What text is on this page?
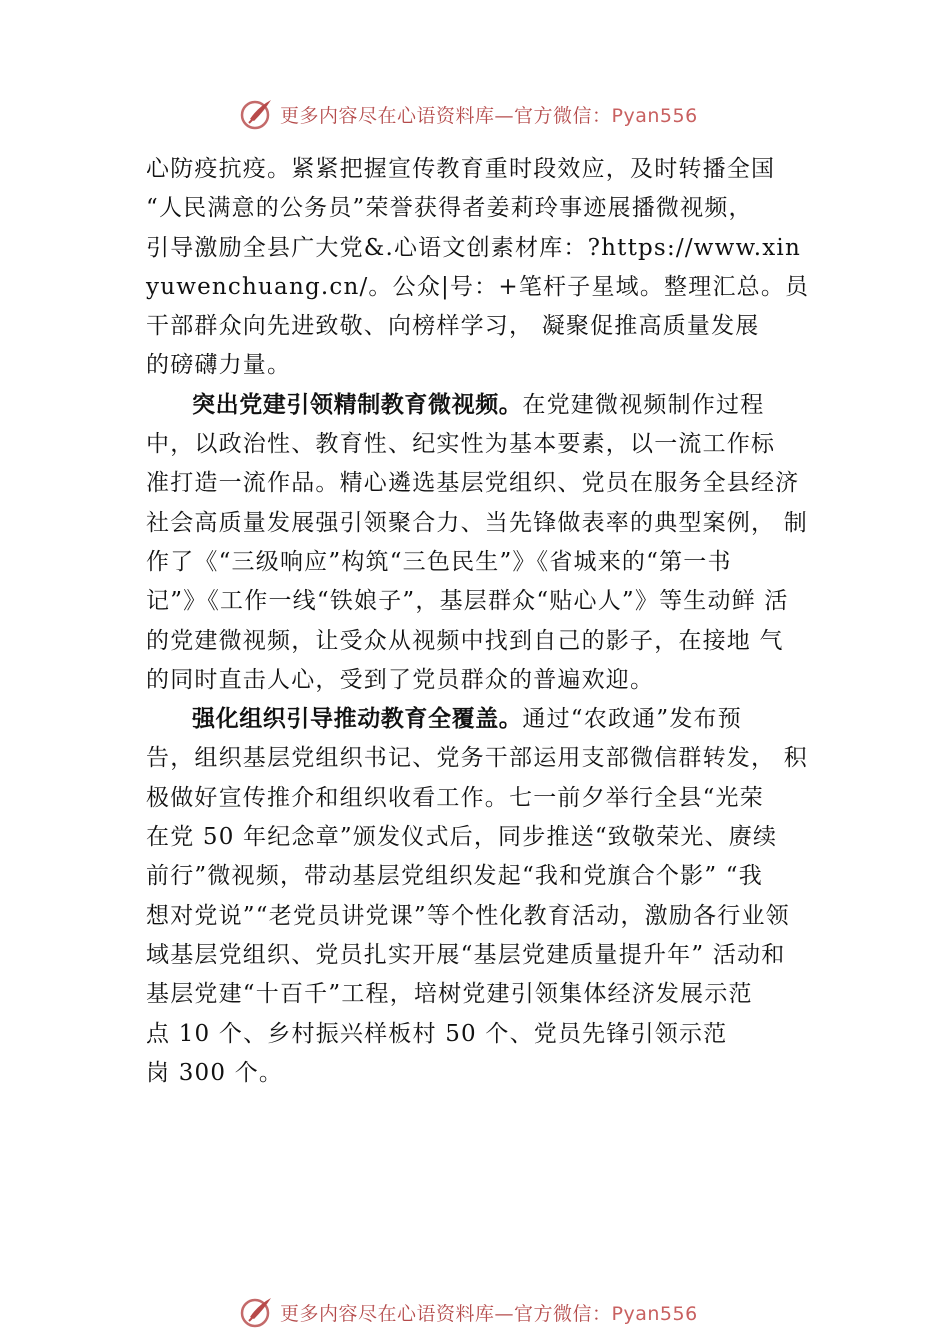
更多内容尽在心语资料库—官方微信：Pyan556
心防疫抗疫。紧紧把握宣传教育重时段效应，及时转播全国
“人民满意的公务员”荣誉获得者姜莉玲事迹展播微视频，
引导激励全县广大党&.心语文创素材库：?https://www.xin
yuwenchuang.cn/。公众|号：+笔杆子星域。整理汇总。员
干部群众向先进致敬、向榜样学习， 凝聚促推高质量发展
的磅礴力量。
突出党建引领精制教育微视频。在党建微视频制作过程
中，以政治性、教育性、纪实性为基本要素，以一流工作标
准打造一流作品。精心遴选基层党组织、党员在服务全县经济
社会高质量发展强引领聚合力、当先锋做表率的典型案例， 制
作了《“三级响应”构筑“三色民生”》《省城来的“第一书
记”》《工作一线“铁娘子”，基层群众“贴心人”》等生动鲜 活
的党建微视频，让受众从视频中找到自己的影子，在接地 气
的同时直击人心，受到了党员群众的普遍欢迎。
强化组织引导推动教育全覆盖。通过“农政通”发布预
告，组织基层党组织书记、党务干部运用支部微信群转发， 积
极做好宣传推介和组织收看工作。七一前夕举行全县“光荣
在党 50 年纪念章”颁发仪式后，同步推送“致敬荣光、赓续
前行”微视频，带动基层党组织发起“我和党旗合个影” “我
想对党说”“老党员讲党课”等个性化教育活动，激励各行业领
域基层党组织、党员扎实开展“基层党建质量提升年” 活动和
基层党建“十百千”工程，培树党建引领集体经济发展示范
点 10 个、乡村振兴样板村 50 个、党员先锋引领示范
岗 300 个。
更多内容尽在心语资料库—官方微信：Pyan556
